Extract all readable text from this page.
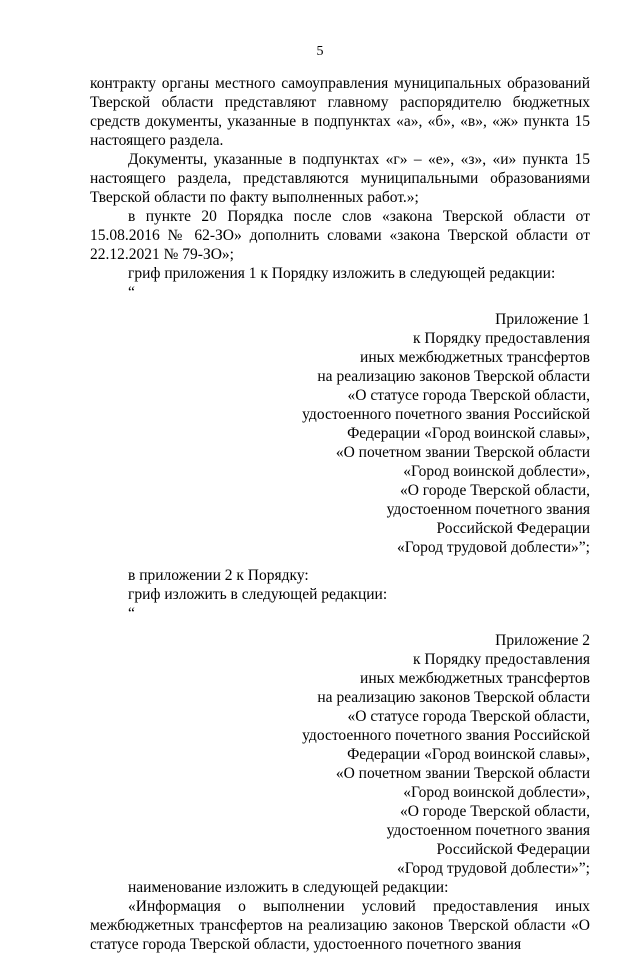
5

контракту органы местного самоуправления муниципальных образований Тверской области представляют главному распорядителю бюджетных средств документы, указанные в подпунктах «а», «б», «в», «ж» пункта 15 настоящего раздела.

Документы, указанные в подпунктах «г» – «е», «з», «и» пункта 15 настоящего раздела, представляются муниципальными образованиями Тверской области по факту выполненных работ.»;

в пункте 20 Порядка после слов «закона Тверской области от 15.08.2016 № 62-ЗО» дополнить словами «закона Тверской области от 22.12.2021 № 79-ЗО»;

гриф приложения 1 к Порядку изложить в следующей редакции:

“

Приложение 1
к Порядку предоставления
иных межбюджетных трансфертов
на реализацию законов Тверской области
«О статусе города Тверской области,
удостоенного почетного звания Российской
Федерации «Город воинской славы»,
«О почетном звании Тверской области
«Город воинской доблести»,
«О городе Тверской области,
удостоенном почетного звания
Российской Федерации
«Город трудовой доблести»”;

в приложении 2 к Порядку:

гриф изложить в следующей редакции:

“

Приложение 2
к Порядку предоставления
иных межбюджетных трансфертов
на реализацию законов Тверской области
«О статусе города Тверской области,
удостоенного почетного звания Российской
Федерации «Город воинской славы»,
«О почетном звании Тверской области
«Город воинской доблести»,
«О городе Тверской области,
удостоенном почетного звания
Российской Федерации
«Город трудовой доблести»”;

наименование изложить в следующей редакции:

«Информация о выполнении условий предоставления иных межбюджетных трансфертов на реализацию законов Тверской области «О статусе города Тверской области, удостоенного почетного звания
